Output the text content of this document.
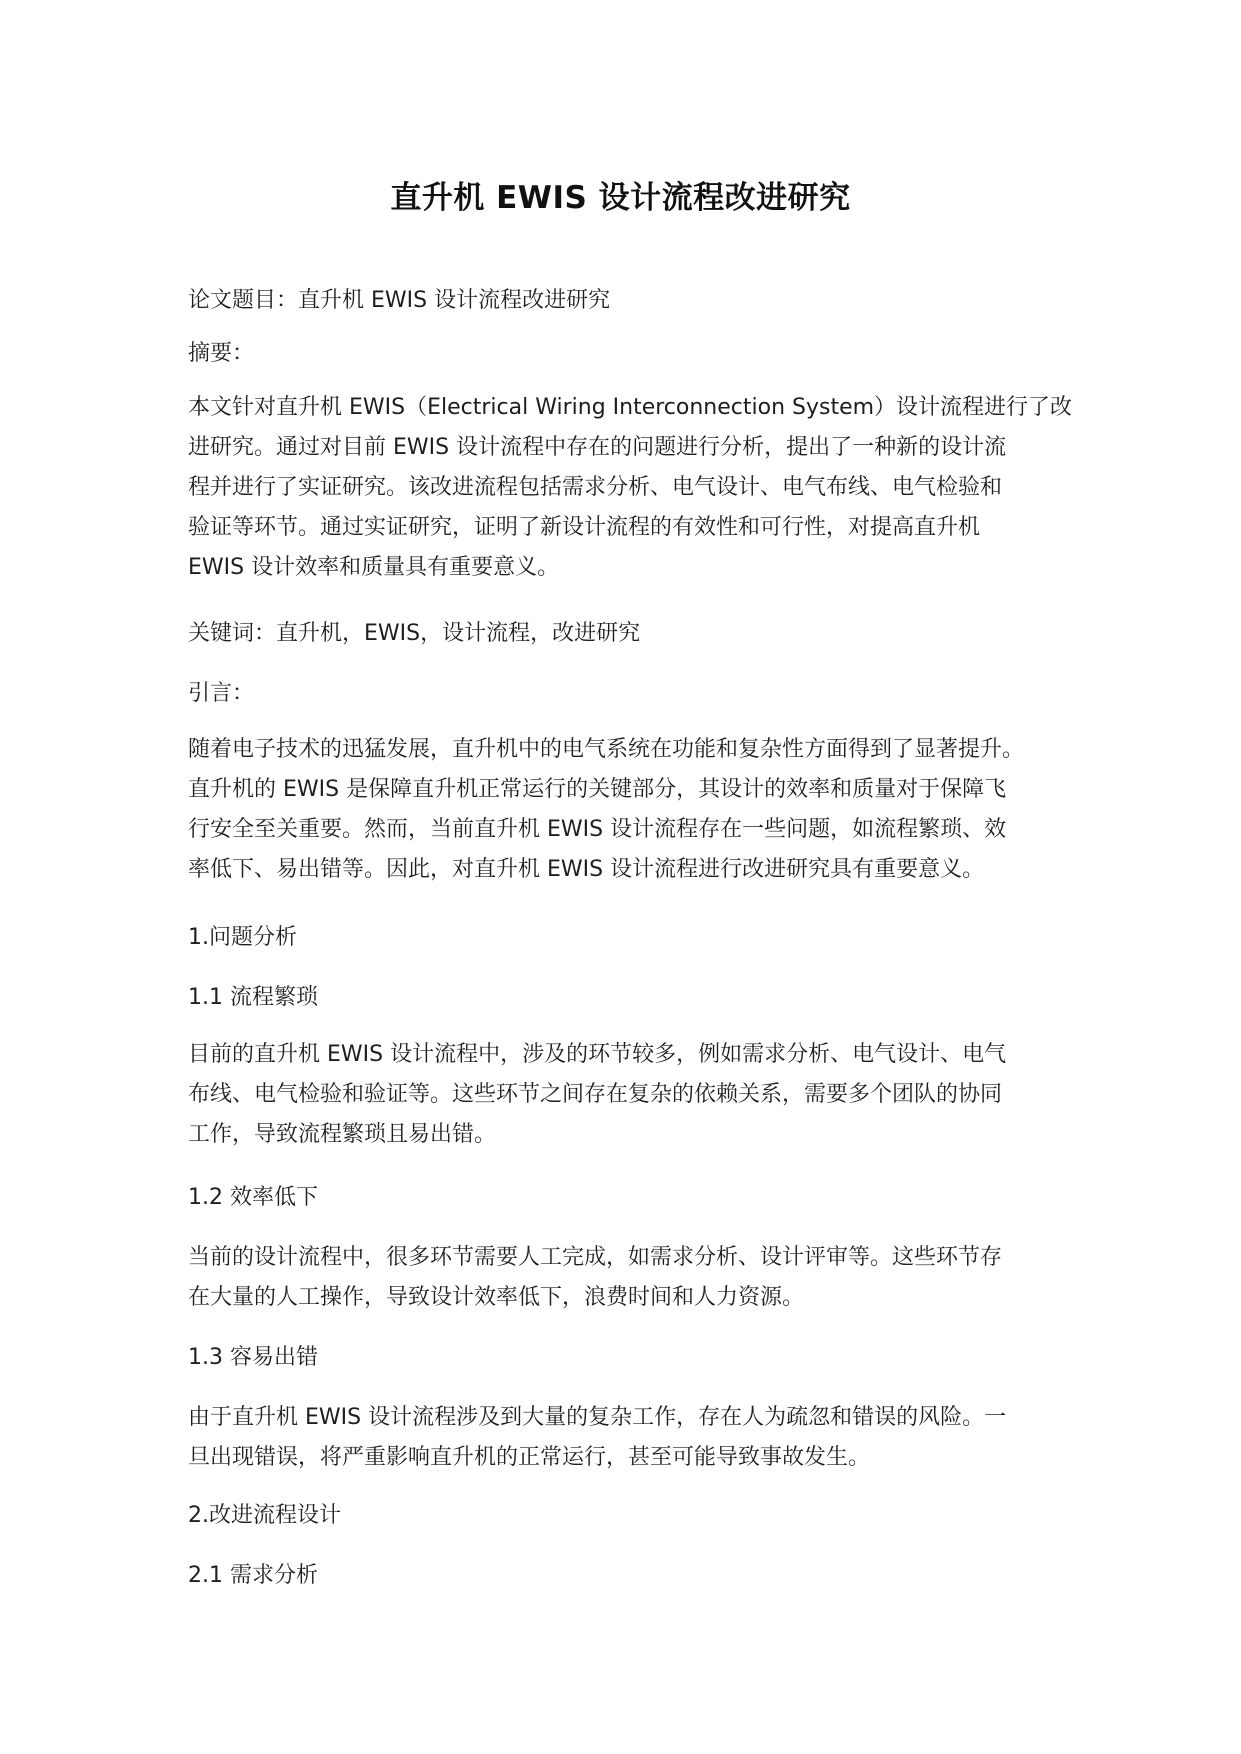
直升机 EWIS 设计流程改进研究
论文题目：直升机 EWIS 设计流程改进研究
摘要：
本文针对直升机 EWIS（Electrical Wiring Interconnection System）设计流程进行了改
进研究。通过对目前 EWIS 设计流程中存在的问题进行分析，提出了一种新的设计流
程并进行了实证研究。该改进流程包括需求分析、电气设计、电气布线、电气检验和
验证等环节。通过实证研究，证明了新设计流程的有效性和可行性，对提高直升机
EWIS 设计效率和质量具有重要意义。
关键词：直升机，EWIS，设计流程，改进研究
引言：
随着电子技术的迅猛发展，直升机中的电气系统在功能和复杂性方面得到了显著提升。
直升机的 EWIS 是保障直升机正常运行的关键部分，其设计的效率和质量对于保障飞
行安全至关重要。然而，当前直升机 EWIS 设计流程存在一些问题，如流程繁琐、效
率低下、易出错等。因此，对直升机 EWIS 设计流程进行改进研究具有重要意义。
1.问题分析
1.1 流程繁琐
目前的直升机 EWIS 设计流程中，涉及的环节较多，例如需求分析、电气设计、电气
布线、电气检验和验证等。这些环节之间存在复杂的依赖关系，需要多个团队的协同
工作，导致流程繁琐且易出错。
1.2 效率低下
当前的设计流程中，很多环节需要人工完成，如需求分析、设计评审等。这些环节存
在大量的人工操作，导致设计效率低下，浪费时间和人力资源。
1.3 容易出错
由于直升机 EWIS 设计流程涉及到大量的复杂工作，存在人为疏忽和错误的风险。一
旦出现错误，将严重影响直升机的正常运行，甚至可能导致事故发生。
2.改进流程设计
2.1 需求分析
